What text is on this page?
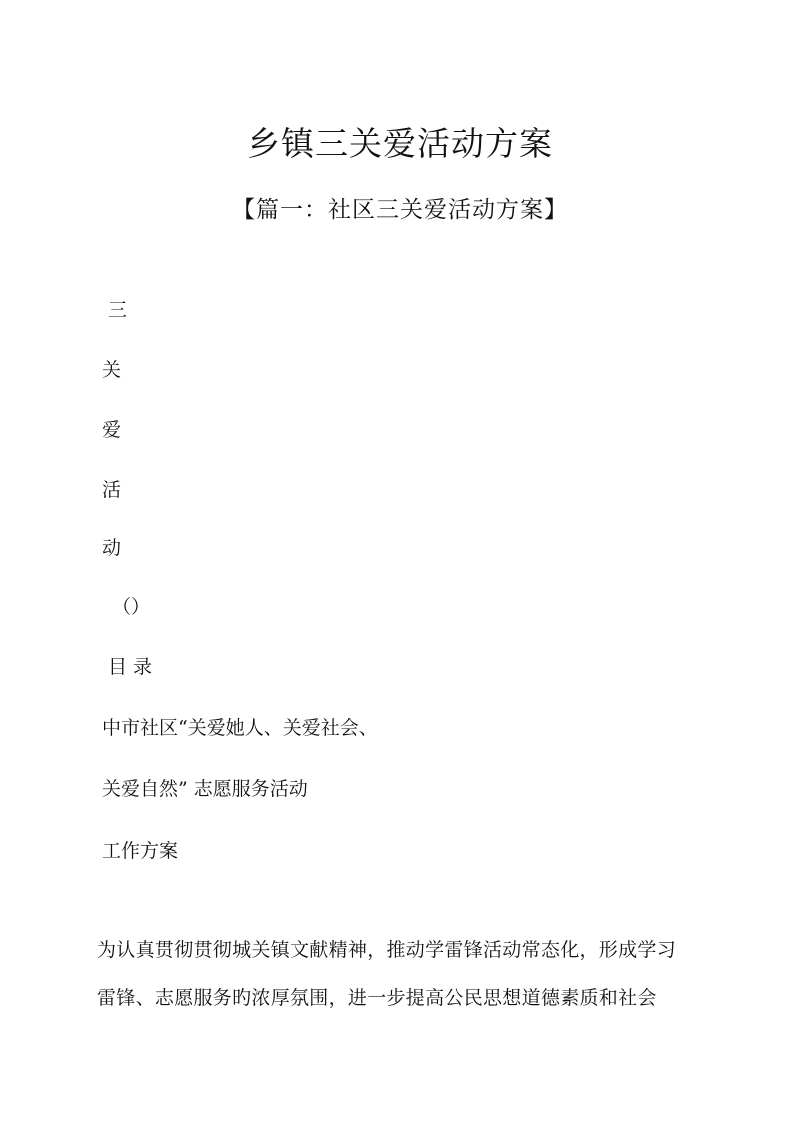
乡镇三关爱活动方案
【篇一：社区三关爱活动方案】
三
关
爱
活
动
（）
目 录
中市社区“关爱她人、关爱社会、
关爱自然” 志愿服务活动
工作方案
为认真贯彻贯彻城关镇文献精神，推动学雷锋活动常态化，形成学习
雷锋、志愿服务旳浓厚氛围，进一步提高公民思想道德素质和社会
